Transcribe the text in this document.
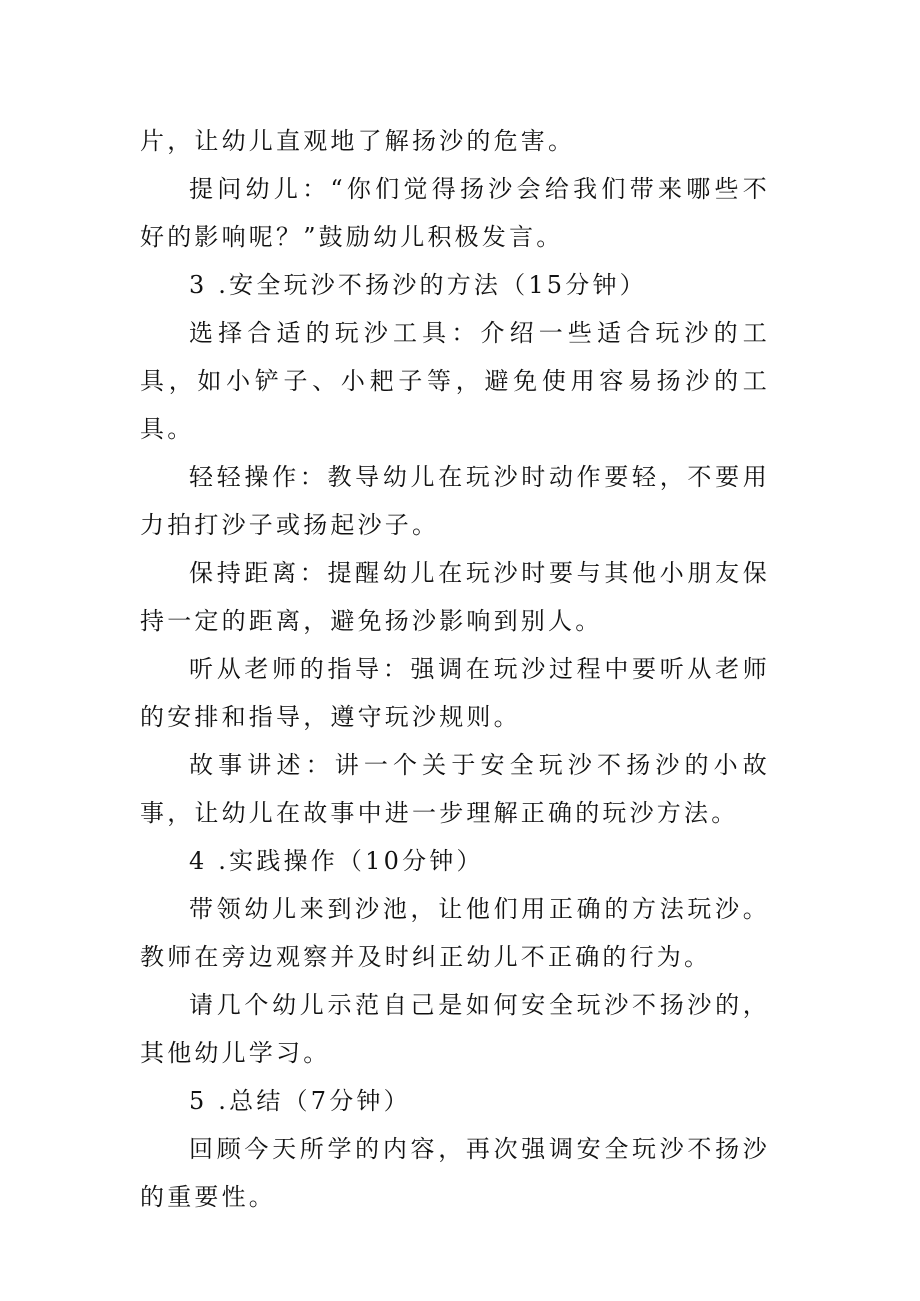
片，让幼儿直观地了解扬沙的危害。

提问幼儿：“你们觉得扬沙会给我们带来哪些不好的影响呢？”鼓励幼儿积极发言。

3 .安全玩沙不扬沙的方法（15分钟）

选择合适的玩沙工具：介绍一些适合玩沙的工具，如小铲子、小耙子等，避免使用容易扬沙的工具。

轻轻操作：教导幼儿在玩沙时动作要轻，不要用力拍打沙子或扬起沙子。

保持距离：提醒幼儿在玩沙时要与其他小朋友保持一定的距离，避免扬沙影响到别人。

听从老师的指导：强调在玩沙过程中要听从老师的安排和指导，遵守玩沙规则。

故事讲述：讲一个关于安全玩沙不扬沙的小故事，让幼儿在故事中进一步理解正确的玩沙方法。

4 .实践操作（10分钟）

带领幼儿来到沙池，让他们用正确的方法玩沙。教师在旁边观察并及时纠正幼儿不正确的行为。

请几个幼儿示范自己是如何安全玩沙不扬沙的，其他幼儿学习。

5 .总结（7分钟）

回顾今天所学的内容，再次强调安全玩沙不扬沙的重要性。
